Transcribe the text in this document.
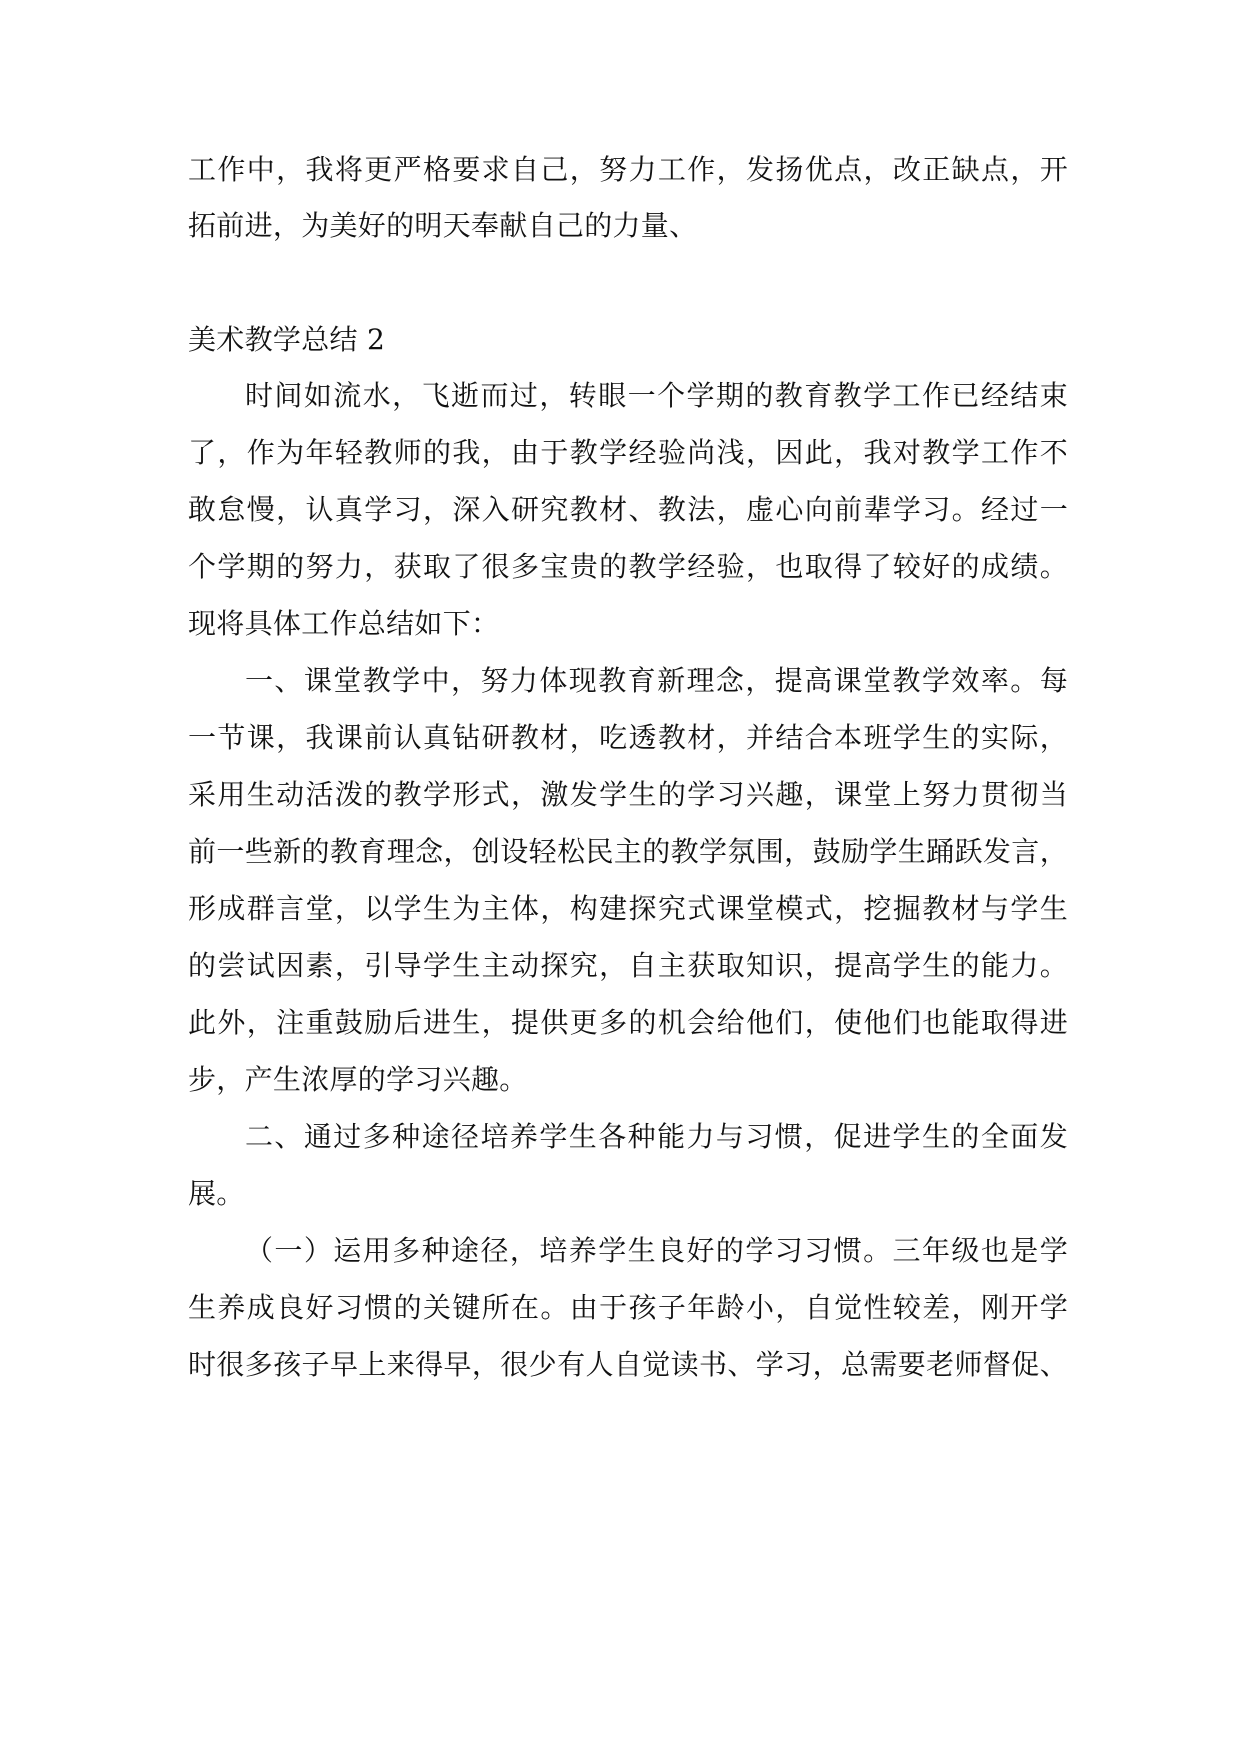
工作中，我将更严格要求自己，努力工作，发扬优点，改正缺点，开
拓前进，为美好的明天奉献自己的力量、
美术教学总结 2
时间如流水，飞逝而过，转眼一个学期的教育教学工作已经结束
了，作为年轻教师的我，由于教学经验尚浅，因此，我对教学工作不
敢怠慢，认真学习，深入研究教材、教法，虚心向前辈学习。经过一
个学期的努力，获取了很多宝贵的教学经验，也取得了较好的成绩。
现将具体工作总结如下：
一、课堂教学中，努力体现教育新理念，提高课堂教学效率。每
一节课，我课前认真钻研教材，吃透教材，并结合本班学生的实际，
采用生动活泼的教学形式，激发学生的学习兴趣，课堂上努力贯彻当
前一些新的教育理念，创设轻松民主的教学氛围，鼓励学生踊跃发言，
形成群言堂，以学生为主体，构建探究式课堂模式，挖掘教材与学生
的尝试因素，引导学生主动探究，自主获取知识，提高学生的能力。
此外，注重鼓励后进生，提供更多的机会给他们，使他们也能取得进
步，产生浓厚的学习兴趣。
二、通过多种途径培养学生各种能力与习惯，促进学生的全面发
展。
（一）运用多种途径，培养学生良好的学习习惯。三年级也是学
生养成良好习惯的关键所在。由于孩子年龄小，自觉性较差，刚开学
时很多孩子早上来得早，很少有人自觉读书、学习，总需要老师督促、
